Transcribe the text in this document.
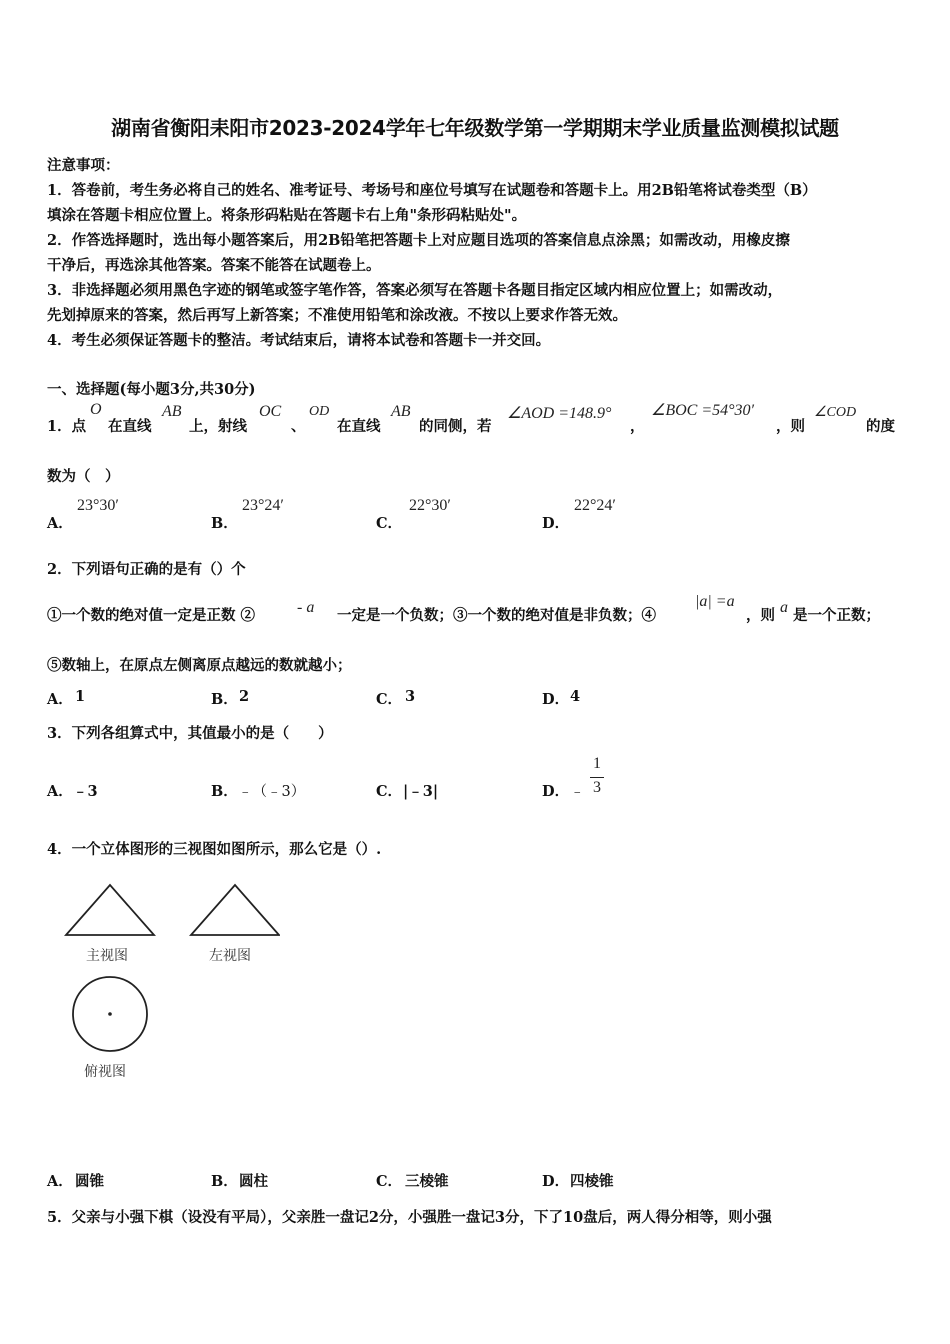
湖南省衡阳耒阳市2023-2024学年七年级数学第一学期期末学业质量监测模拟试题
注意事项：
1．答卷前，考生务必将自己的姓名、准考证号、考场号和座位号填写在试题卷和答题卡上。用2B铅笔将试卷类型（B）
填涂在答题卡相应位置上。将条形码粘贴在答题卡右上角"条形码粘贴处"。
2．作答选择题时，选出每小题答案后，用2B铅笔把答题卡上对应题目选项的答案信息点涂黑；如需改动，用橡皮擦
干净后，再选涂其他答案。答案不能答在试题卷上。
3．非选择题必须用黑色字迹的钢笔或签字笔作答，答案必须写在答题卡各题目指定区域内相应位置上；如需改动，
先划掉原来的答案，然后再写上新答案；不准使用铅笔和涂改液。不按以上要求作答无效。
4．考生必须保证答题卡的整洁。考试结束后，请将本试卷和答题卡一并交回。
一、选择题(每小题3分,共30分)
1．点
O
在直线
AB
上，射线
OC
、
OD
在直线
AB
的同侧，若
∠AOD =148.9°
，
∠BOC =54°30′
，则
∠COD
的度
数为（　）
A．
23°30′
B．
23°24′
C．
22°30′
D．
22°24′
2．下列语句正确的是有（）个
①一个数的绝对值一定是正数 ②	- a 一定是一个负数；③一个数的绝对值是非负数；④
|a| =a
，则 a 是一个正数；
⑤数轴上，在原点左侧离原点越远的数就越小；
A． 1	B． 2	C． 3	D． 4
3．下列各组算式中，其值最小的是（　　）
A． ﹣3	B． ﹣（﹣3）	C． |﹣3|	D． ﹣
1
3
4．一个立体图形的三视图如图所示，那么它是（）.
主视图	左视图
俯视图
A． 圆锥	B． 圆柱	C． 三棱锥	D． 四棱锥
5．父亲与小强下棋（设没有平局），父亲胜一盘记2分，小强胜一盘记3分，下了10盘后，两人得分相等，则小强
